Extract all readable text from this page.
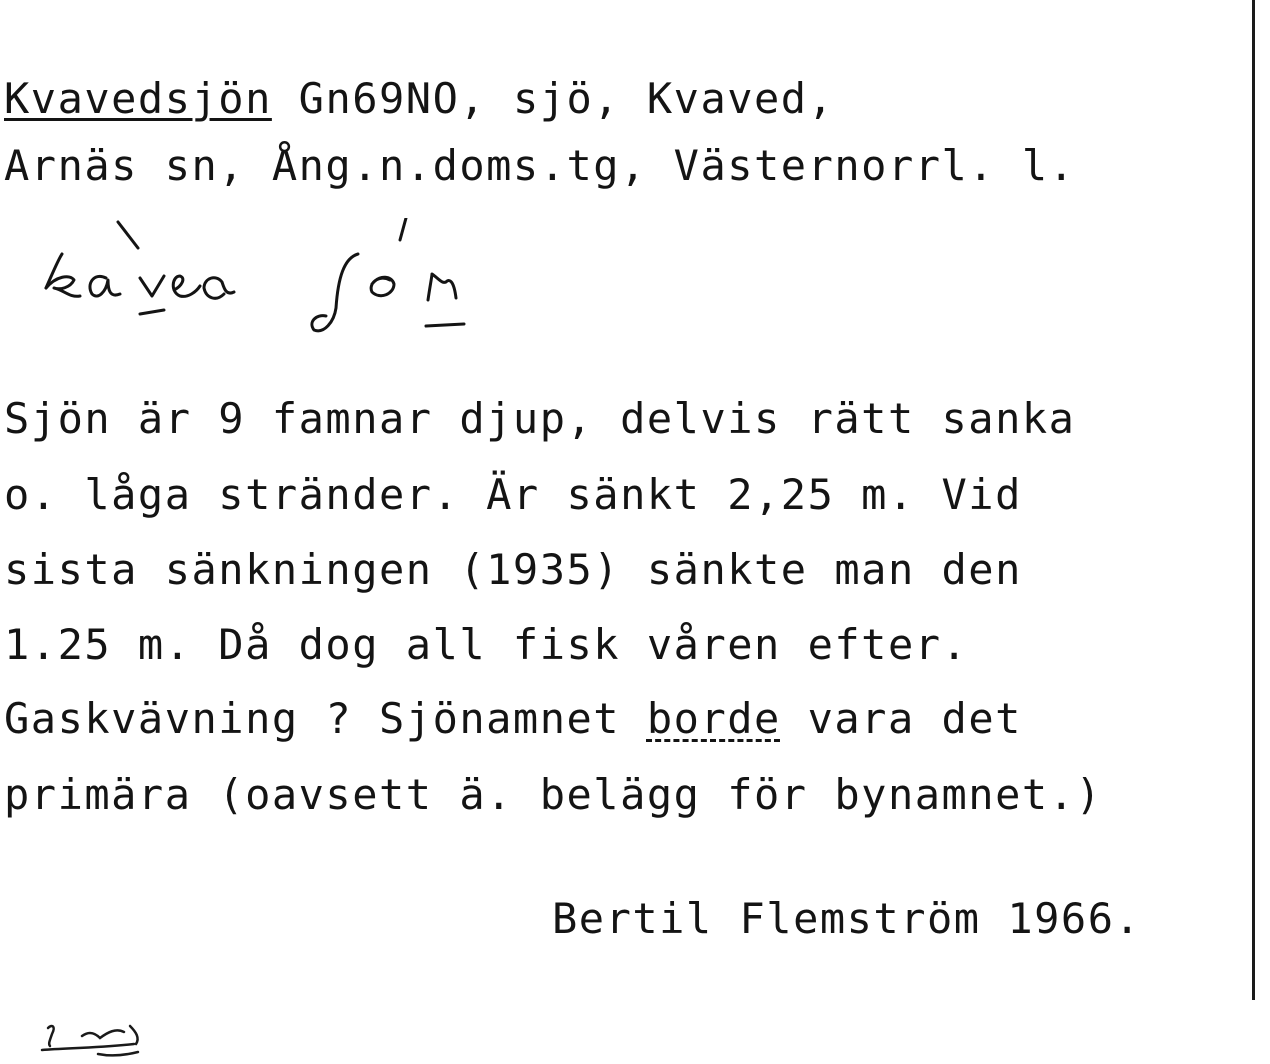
Kvavedsjön Gn69NO, sjö, Kvaved,

Arnäs sn, Ång.n.doms.tg, Västernorrl. l.

Sjön är 9 famnar djup, delvis rätt sanka

o. låga stränder. Är sänkt 2,25 m. Vid

sista sänkningen (1935) sänkte man den

1.25 m. Då dog all fisk våren efter.

Gaskvävning ? Sjönamnet borde vara det

primära (oavsett ä. belägg för bynamnet.)

Bertil Flemström 1966.
